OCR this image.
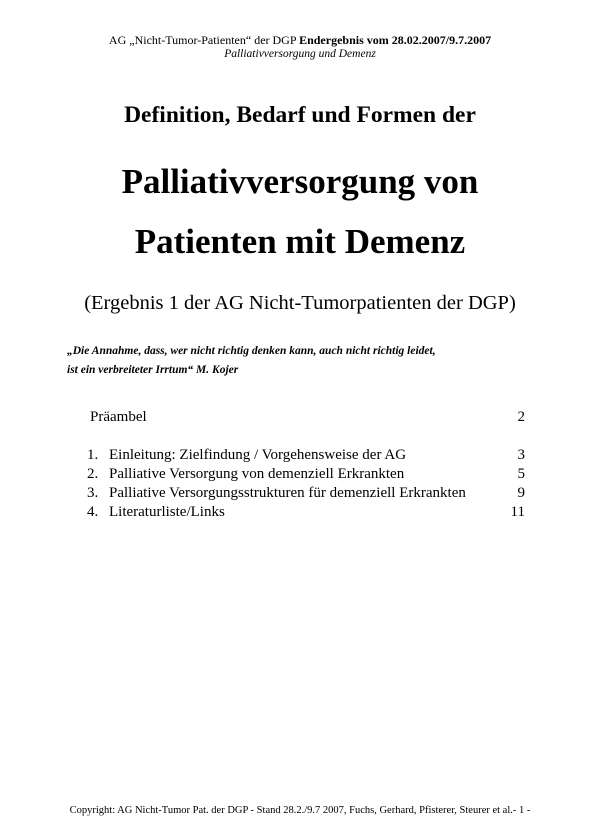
AG „Nicht-Tumor-Patienten“ der DGP Endergebnis vom 28.02.2007/9.7.2007
Palliativversorgung und Demenz
Definition, Bedarf und Formen der
Palliativversorgung von
Patienten mit Demenz
(Ergebnis 1 der AG Nicht-Tumorpatienten der DGP)
„Die Annahme, dass, wer nicht richtig denken kann, auch nicht richtig leidet,
ist ein verbreiteter Irrtum“ M. Kojer
Präambel	2
1. Einleitung: Zielfindung / Vorgehensweise der AG	3
2. Palliative Versorgung von demenziell Erkrankten	5
3. Palliative Versorgungsstrukturen für demenziell Erkrankten	9
4. Literaturliste/Links	11
Copyright: AG Nicht-Tumor Pat. der DGP - Stand 28.2./9.7 2007, Fuchs, Gerhard, Pfisterer, Steurer et al.- 1 -
